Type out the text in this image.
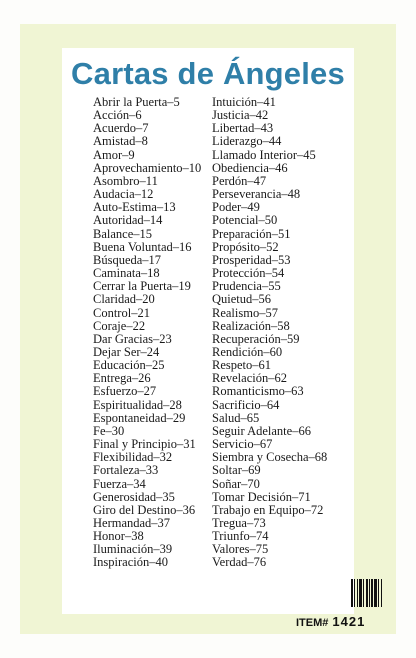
Cartas de Ángeles
Abrir la Puerta–5
Acción–6
Acuerdo–7
Amistad–8
Amor–9
Aprovechamiento–10
Asombro–11
Audacia–12
Auto-Estima–13
Autoridad–14
Balance–15
Buena Voluntad–16
Búsqueda–17
Caminata–18
Cerrar la Puerta–19
Claridad–20
Control–21
Coraje–22
Dar Gracias–23
Dejar Ser–24
Educación–25
Entrega–26
Esfuerzo–27
Espiritualidad–28
Espontaneidad–29
Fe–30
Final y Principio–31
Flexibilidad–32
Fortaleza–33
Fuerza–34
Generosidad–35
Giro del Destino–36
Hermandad–37
Honor–38
Iluminación–39
Inspiración–40
Intuición–41
Justicia–42
Libertad–43
Liderazgo–44
Llamado Interior–45
Obediencia–46
Perdón–47
Perseverancia–48
Poder–49
Potencial–50
Preparación–51
Propósito–52
Prosperidad–53
Protección–54
Prudencia–55
Quietud–56
Realismo–57
Realización–58
Recuperación–59
Rendición–60
Respeto–61
Revelación–62
Romanticismo–63
Sacrificio–64
Salud–65
Seguir Adelante–66
Servicio–67
Siembra y Cosecha–68
Soltar–69
Soñar–70
Tomar Decisión–71
Trabajo en Equipo–72
Tregua–73
Triunfo–74
Valores–75
Verdad–76
ITEM# 1421
